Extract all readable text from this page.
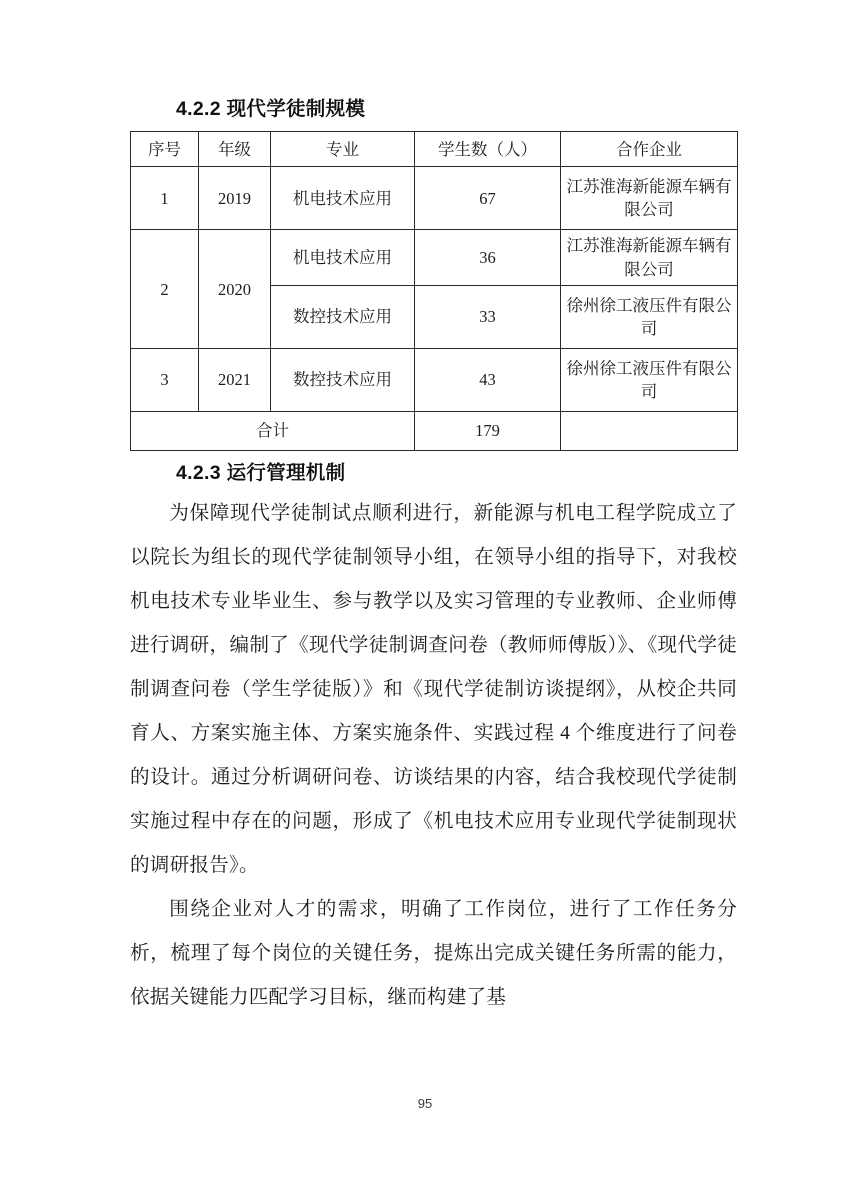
4.2.2 现代学徒制规模
序号	年级	专业	学生数（人）	合作企业
1	2019	机电技术应用	67	江苏淮海新能源车辆有限公司
2	2020	机电技术应用	36	江苏淮海新能源车辆有限公司
		数控技术应用	33	徐州徐工液压件有限公司
3	2021	数控技术应用	43	徐州徐工液压件有限公司
合计			179	
4.2.3 运行管理机制

为保障现代学徒制试点顺利进行，新能源与机电工程学院成立了以院长为组长的现代学徒制领导小组，在领导小组的指导下，对我校机电技术专业毕业生、参与教学以及实习管理的专业教师、企业师傅进行调研，编制了《现代学徒制调查问卷（教师师傅版）》、《现代学徒制调查问卷（学生学徒版）》和《现代学徒制访谈提纲》，从校企共同育人、方案实施主体、方案实施条件、实践过程 4 个维度进行了问卷的设计。通过分析调研问卷、访谈结果的内容，结合我校现代学徒制实施过程中存在的问题，形成了《机电技术应用专业现代学徒制现状的调研报告》。

围绕企业对人才的需求，明确了工作岗位，进行了工作任务分析，梳理了每个岗位的关键任务，提炼出完成关键任务所需的能力，依据关键能力匹配学习目标，继而构建了基

95
